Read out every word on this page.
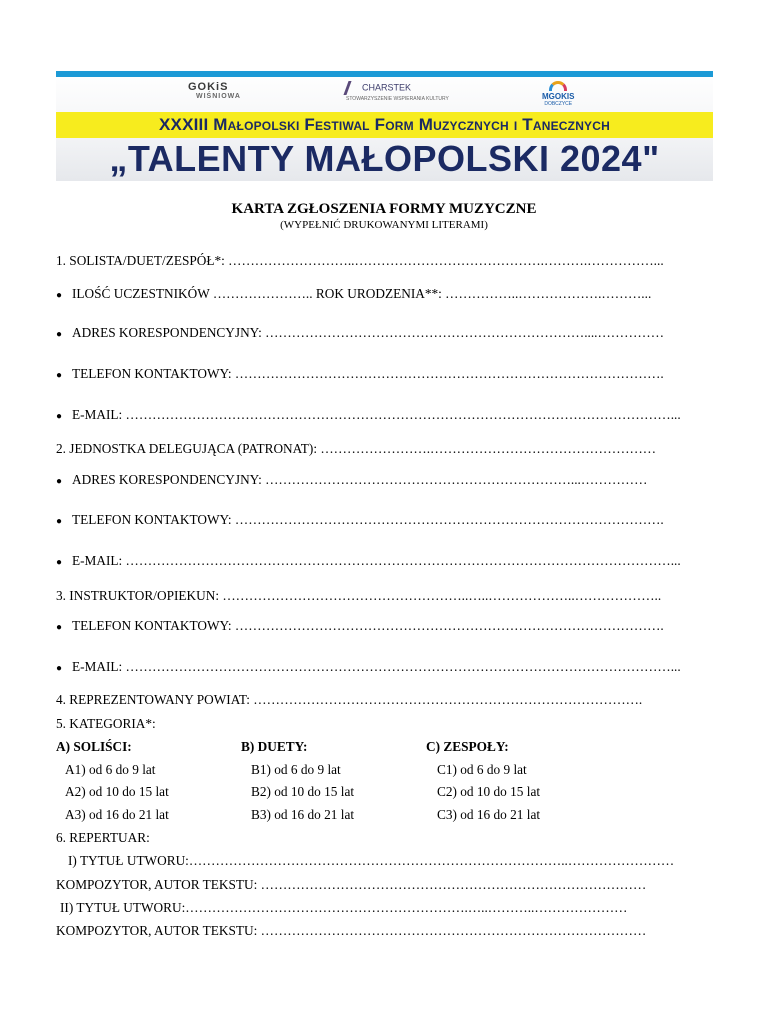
GOKiS
WIŚNIOWA
CHARSTEK
STOWARZYSZENIE WSPIERANIA KULTURY	MGOKIS
DOBCZYCE
XXXIII Małopolski Festiwal Form Muzycznych i Tanecznych
„TALENTY MAŁOPOLSKI 2024"
KARTA ZGŁOSZENIA FORMY MUZYCZNE
(WYPEŁNIĆ DRUKOWANYMI LITERAMI)
1. SOLISTA/DUET/ZESPÓŁ*: ………………………..…………………………………….……….……………...
● ILOŚĆ UCZESTNIKÓW ………………….. ROK URODZENIA**: ……………..……………….………...
● ADRES KORESPONDENCYJNY: ………………………………………………………………....……………
● TELEFON KONTAKTOWY: …………………………………………………………………………………….
● E-MAIL: ……………………………………………………………………………………………………………...
2. JEDNOSTKA DELEGUJĄCA (PATRONAT): …………………….……………………………………………
● ADRES KORESPONDENCYJNY: ……………………………………………………………...……………
● TELEFON KONTAKTOWY: …………………………………………………………………………………….
● E-MAIL: ……………………………………………………………………………………………………………...
3. INSTRUKTOR/OPIEKUN: ………………………………………………..…..………………..………………..
● TELEFON KONTAKTOWY: …………………………………………………………………………………….
● E-MAIL: ……………………………………………………………………………………………………………...
4. REPREZENTOWANY POWIAT: …………………………………………………………………………….
5. KATEGORIA*:
A) SOLIŚCI:
A1) od 6 do 9 lat
A2) od 10 do 15 lat
A3) od 16 do 21 lat
B) DUETY:
B1) od 6 do 9 lat
B2) od 10 do 15 lat
B3) od 16 do 21 lat
C) ZESPOŁY:
C1) od 6 do 9 lat
C2) od 10 do 15 lat
C3) od 16 do 21 lat
6. REPERTUAR:
I) TYTUŁ UTWORU:…………………………………………………………………………..……………………
KOMPOZYTOR, AUTOR TEKSTU: ……………………………………………………………………………
II) TYTUŁ UTWORU:……………………………………………………….…..………..…………………
KOMPOZYTOR, AUTOR TEKSTU: ……………………………………………………………………………
